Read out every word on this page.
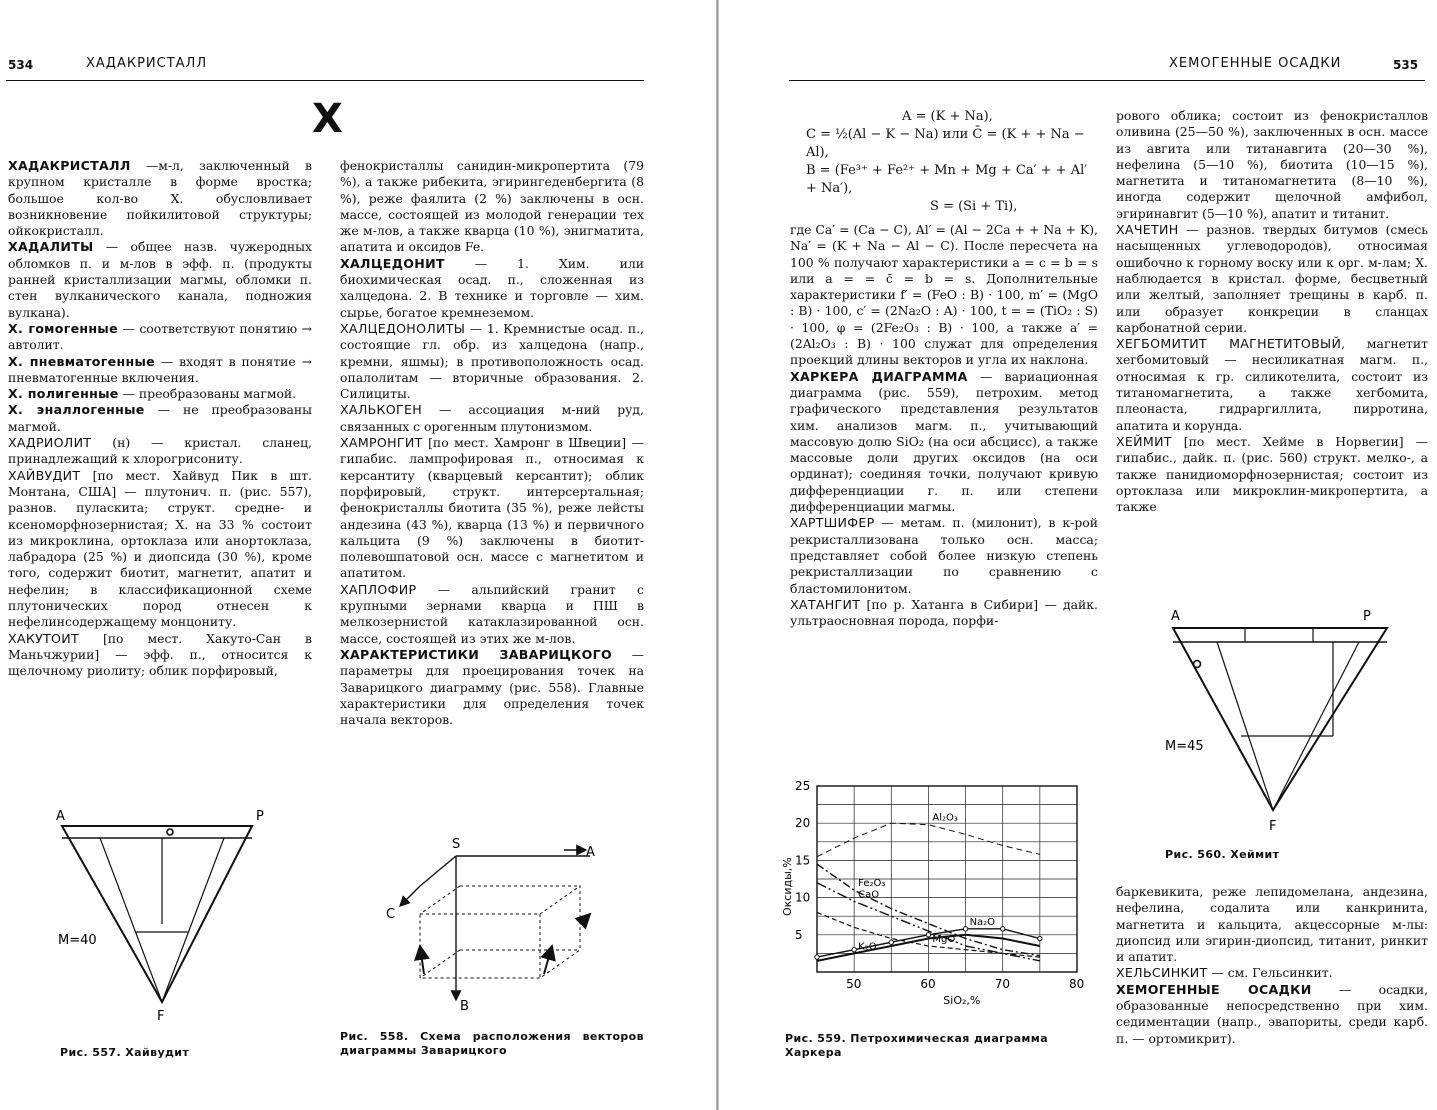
534	ХАДАКРИСТАЛЛ
X

ХАДАКРИСТАЛЛ —м-л, заключенный в крупном кристалле в форме вростка; большое кол-во Х. обусловливает возникновение пойкилитовой структуры; ойкокристалл.

ХАДАЛИТЫ — общее назв. чужеродных обломков п. и м-лов в эфф. п. (продукты ранней кристаллизации магмы, обломки п. стен вулканического канала, подножия вулкана).

Х. гомогенные — соответствуют понятию → автолит.

Х. пневматогенные — входят в понятие → пневматогенные включения.

Х. полигенные — преобразованы магмой.

Х. эналлогенные — не преобразованы магмой.

ХАДРИОЛИТ (н) — кристал. сланец, принадлежащий к хлорогрисониту.

ХАЙВУДИТ [по мест. Хайвуд Пик в шт. Монтана, США] — плутонич. п. (рис. 557), разнов. пуласкита; структ. средне- и ксеноморфнозернистая; Х. на 33 % состоит из микроклина, ортоклаза или анортоклаза, лабрадора (25 %) и диопсида (30 %), кроме того, содержит биотит, магнетит, апатит и нефелин; в классификационной схеме плутонических пород отнесен к нефелинсодержащему монцониту.

ХАКУТОИТ [по мест. Хакуто-Сан в Маньчжурии] — эфф. п., относится к щелочному риолиту; облик порфировый,

фенокристаллы санидин-микропертита (79 %), а также рибекита, эгирингеденбергита (8 %), реже фаялита (2 %) заключены в осн. массе, состоящей из молодой генерации тех же м-лов, а также кварца (10 %), энигматита, апатита и оксидов Fe.

ХАЛЦЕДОНИТ — 1. Хим. или биохимическая осад. п., сложенная из халцедона. 2. В технике и торговле — хим. сырье, богатое кремнеземом.

ХАЛЦЕДОНОЛИТЫ — 1. Кремнистые осад. п., состоящие гл. обр. из халцедона (напр., кремни, яшмы); в противоположность осад. опалолитам — вторичные образования. 2. Силициты.

ХАЛЬКОГЕН — ассоциация м-ний руд, связанных с орогенным плутонизмом.

ХАМРОНГИТ [по мест. Хамронг в Швеции] — гипабис. лампрофировая п., относимая к керсантиту (кварцевый керсантит); облик порфировый, структ. интерсертальная; фенокристаллы биотита (35 %), реже лейсты андезина (43 %), кварца (13 %) и первичного кальцита (9 %) заключены в биотит-полевошпатовой осн. массе с магнетитом и апатитом.

ХАПЛОФИР — альпийский гранит с крупными зернами кварца и ПШ в мелкозернистой катаклазированной осн. массе, состоящей из этих же м-лов.

ХАРАКТЕРИСТИКИ ЗАВАРИЦКОГО — параметры для проецирования точек на Заварицкого диаграмму (рис. 558). Главные характеристики для определения точек начала векторов.

A	P
M=40
F
Рис. 557. Хайвудит
S
A
C
B
Рис. 558. Схема расположения векторов диаграммы Заварицкого
ХЕМОГЕННЫЕ ОСАДКИ	535

A = (K + Na),

C = ½(Al − K − Na) или C̄ = (K + + Na − Al),

B = (Fe³⁺ + Fe²⁺ + Mn + Mg + Ca′ + + Al′ + Na′),

S = (Si + Ti),

где Ca′ = (Ca − C), Al′ = (Al − 2Ca + + Na + K), Na′ = (K + Na − Al − C). После пересчета на 100 % получают характеристики a = c = b = s или a = = c̄ = b = s. Дополнительные характеристики f′ = (FeO : B) · 100, m′ = (MgO : B) · 100, c′ = (2Na₂O : A) · 100, t = = (TiO₂ : S) · 100, φ = (2Fe₂O₃ : B) · 100, а также a′ = (2Al₂O₃ : B) · 100 служат для определения проекций длины векторов и угла их наклона.

ХАРКЕРА ДИАГРАММА — вариационная диаграмма (рис. 559), петрохим. метод графического представления результатов хим. анализов магм. п., учитывающий массовую долю SiO₂ (на оси абсцисс), а также массовые доли других оксидов (на оси ординат); соединяя точки, получают кривую дифференциации г. п. или степени дифференциации магмы.

ХАРТШИФЕР — метам. п. (милонит), в к-рой рекристаллизована только осн. масса; представляет собой более низкую степень рекристаллизации по сравнению с бластомилонитом.

ХАТАНГИТ [по р. Хатанга в Сибири] — дайк. ультраосновная порода, порфи-

рового облика; состоит из фенокристаллов оливина (25—50 %), заключенных в осн. массе из авгита или титанавгита (20—30 %), нефелина (5—10 %), биотита (10—15 %), магнетита и титаномагнетита (8—10 %), иногда содержит щелочной амфибол, эгиринавгит (5—10 %), апатит и титанит.

ХАЧЕТИН — разнов. твердых битумов (смесь насыщенных углеводородов), относимая ошибочно к горному воску или к орг. м-лам; Х. наблюдается в кристал. форме, бесцветный или желтый, заполняет трещины в карб. п. или образует конкреции в сланцах карбонатной серии.

ХЕГБОМИТИТ МАГНЕТИТОВЫЙ, магнетит хегбомитовый — несиликатная магм. п., относимая к гр. силикотелита, состоит из титаномагнетита, а также хегбомита, плеонаста, гидраргиллита, пирротина, апатита и корунда.

ХЕЙМИТ [по мест. Хейме в Норвегии] — гипабис., дайк. п. (рис. 560) структ. мелко-, а также панидиоморфнозернистая; состоит из ортоклаза или микроклин-микропертита, а также

50	60	70	80
5
10
15
20
25
SiO₂,%
Оксиды,%
Al₂O₃
Fe₂O₃
CaO
Na₂O
MgO
K₂O
Рис. 559. Петрохимическая диаграмма Харкера
A	P
M=45
F
Рис. 560. Хеймит

баркевикита, реже лепидомелана, андезина, нефелина, содалита или канкринита, магнетита и кальцита, акцессорные м-лы: диопсид или эгирин-диопсид, титанит, ринкит и апатит.

ХЕЛЬСИНКИТ — см. Гельсинкит.

ХЕМОГЕННЫЕ ОСАДКИ — осадки, образованные непосредственно при хим. седиментации (напр., эвапориты, среди карб. п. — ортомикрит).
